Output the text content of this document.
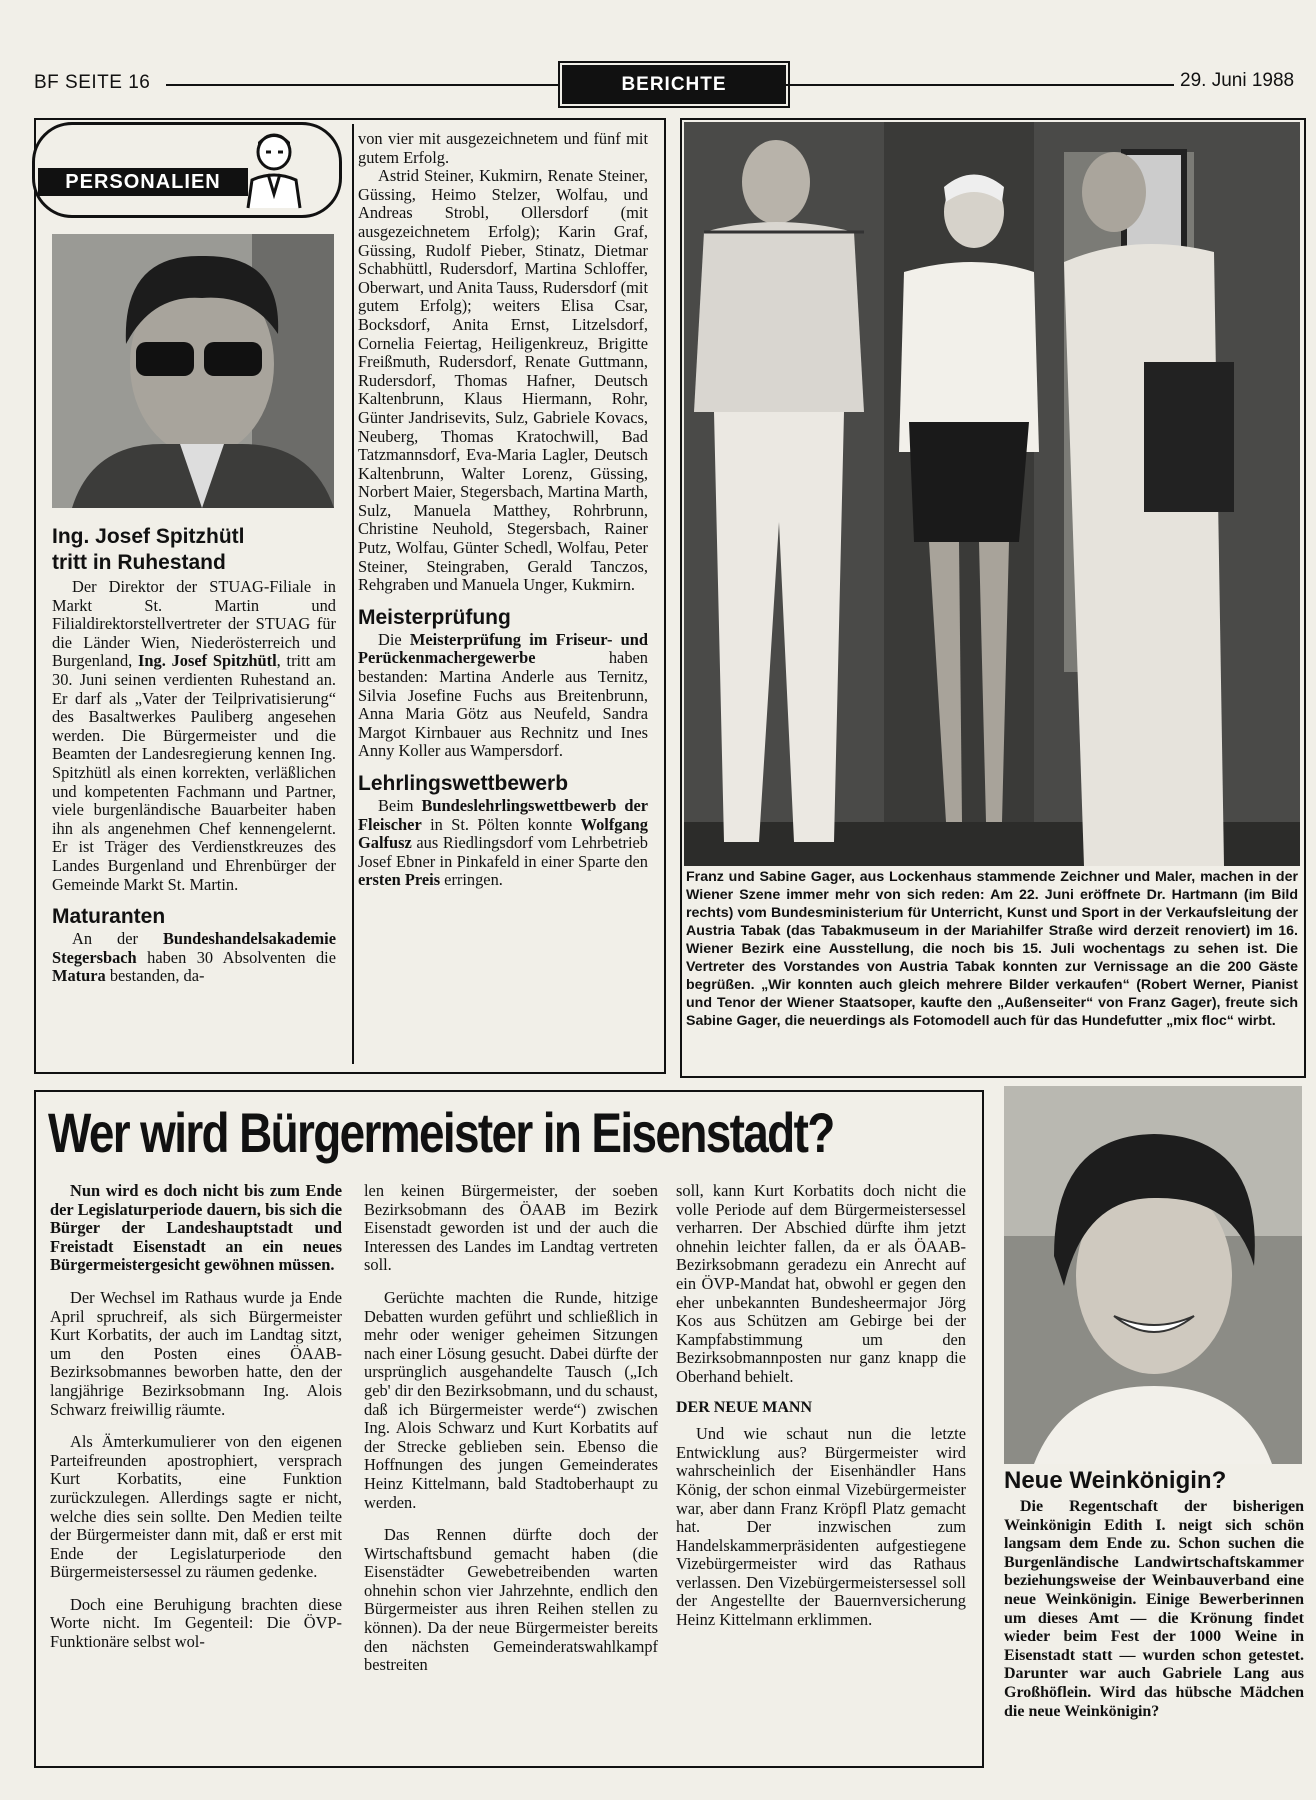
BF SEITE 16	BERICHTE	29. Juni 1988
PERSONALIEN
Ing. Josef Spitzhütl
tritt in Ruhestand

Der Direktor der STUAG-Filiale in Markt St. Martin und Filialdirektorstellvertreter der STUAG für die Länder Wien, Niederösterreich und Burgenland, Ing. Josef Spitzhütl, tritt am 30. Juni seinen verdienten Ruhestand an. Er darf als „Vater der Teilprivatisierung“ des Basaltwerkes Pauliberg angesehen werden. Die Bürgermeister und die Beamten der Landesregierung kennen Ing. Spitzhütl als einen korrekten, verläßlichen und kompetenten Fachmann und Partner, viele burgenländische Bauarbeiter haben ihn als angenehmen Chef kennengelernt. Er ist Träger des Verdienstkreuzes des Landes Burgenland und Ehrenbürger der Gemeinde Markt St. Martin.

Maturanten

An der Bundeshandelsakademie Stegersbach haben 30 Absolventen die Matura bestanden, da-

von vier mit ausgezeichnetem und fünf mit gutem Erfolg.

Astrid Steiner, Kukmirn, Renate Steiner, Güssing, Heimo Stelzer, Wolfau, und Andreas Strobl, Ollersdorf (mit ausgezeichnetem Erfolg); Karin Graf, Güssing, Rudolf Pieber, Stinatz, Dietmar Schabhüttl, Rudersdorf, Martina Schloffer, Oberwart, und Anita Tauss, Rudersdorf (mit gutem Erfolg); weiters Elisa Csar, Bocksdorf, Anita Ernst, Litzelsdorf, Cornelia Feiertag, Heiligenkreuz, Brigitte Freißmuth, Rudersdorf, Renate Guttmann, Rudersdorf, Thomas Hafner, Deutsch Kaltenbrunn, Klaus Hiermann, Rohr, Günter Jandrisevits, Sulz, Gabriele Kovacs, Neuberg, Thomas Kratochwill, Bad Tatzmannsdorf, Eva-Maria Lagler, Deutsch Kaltenbrunn, Walter Lorenz, Güssing, Norbert Maier, Stegersbach, Martina Marth, Sulz, Manuela Matthey, Rohrbrunn, Christine Neuhold, Stegersbach, Rainer Putz, Wolfau, Günter Schedl, Wolfau, Peter Steiner, Steingraben, Gerald Tanczos, Rehgraben und Manuela Unger, Kukmirn.

Meisterprüfung

Die Meisterprüfung im Friseur- und Perückenmachergewerbe haben bestanden: Martina Anderle aus Ternitz, Silvia Josefine Fuchs aus Breitenbrunn, Anna Maria Götz aus Neufeld, Sandra Margot Kirnbauer aus Rechnitz und Ines Anny Koller aus Wampersdorf.

Lehrlingswettbewerb

Beim Bundeslehrlingswettbewerb der Fleischer in St. Pölten konnte Wolfgang Galfusz aus Riedlingsdorf vom Lehrbetrieb Josef Ebner in Pinkafeld in einer Sparte den ersten Preis erringen.	Franz und Sabine Gager, aus Lockenhaus stammende Zeichner und Maler, machen in der Wiener Szene immer mehr von sich reden: Am 22. Juni eröffnete Dr. Hartmann (im Bild rechts) vom Bundesministerium für Unterricht, Kunst und Sport in der Verkaufsleitung der Austria Tabak (das Tabakmuseum in der Mariahilfer Straße wird derzeit renoviert) im 16. Wiener Bezirk eine Ausstellung, die noch bis 15. Juli wochentags zu sehen ist. Die Vertreter des Vorstandes von Austria Tabak konnten zur Vernissage an die 200 Gäste begrüßen. „Wir konnten auch gleich mehrere Bilder verkaufen“ (Robert Werner, Pianist und Tenor der Wiener Staatsoper, kaufte den „Außenseiter“ von Franz Gager), freute sich Sabine Gager, die neuerdings als Fotomodell auch für das Hundefutter „mix floc“ wirbt.

Wer wird Bürgermeister in Eisenstadt?

Nun wird es doch nicht bis zum Ende der Legislaturperiode dauern, bis sich die Bürger der Landeshauptstadt und Freistadt Eisenstadt an ein neues Bürgermeistergesicht gewöhnen müssen.

Der Wechsel im Rathaus wurde ja Ende April spruchreif, als sich Bürgermeister Kurt Korbatits, der auch im Landtag sitzt, um den Posten eines ÖAAB-Bezirksobmannes beworben hatte, den der langjährige Bezirksobmann Ing. Alois Schwarz freiwillig räumte.

Als Ämterkumulierer von den eigenen Parteifreunden apostrophiert, versprach Kurt Korbatits, eine Funktion zurückzulegen. Allerdings sagte er nicht, welche dies sein sollte. Den Medien teilte der Bürgermeister dann mit, daß er erst mit Ende der Legislaturperiode den Bürgermeistersessel zu räumen gedenke.

Doch eine Beruhigung brachten diese Worte nicht. Im Gegenteil: Die ÖVP-Funktionäre selbst wol-

len keinen Bürgermeister, der soeben Bezirksobmann des ÖAAB im Bezirk Eisenstadt geworden ist und der auch die Interessen des Landes im Landtag vertreten soll.

Gerüchte machten die Runde, hitzige Debatten wurden geführt und schließlich in mehr oder weniger geheimen Sitzungen nach einer Lösung gesucht. Dabei dürfte der ursprünglich ausgehandelte Tausch („Ich geb' dir den Bezirksobmann, und du schaust, daß ich Bürgermeister werde“) zwischen Ing. Alois Schwarz und Kurt Korbatits auf der Strecke geblieben sein. Ebenso die Hoffnungen des jungen Gemeinderates Heinz Kittelmann, bald Stadtoberhaupt zu werden.

Das Rennen dürfte doch der Wirtschaftsbund gemacht haben (die Eisenstädter Gewebetreibenden warten ohnehin schon vier Jahrzehnte, endlich den Bürgermeister aus ihren Reihen stellen zu können). Da der neue Bürgermeister bereits den nächsten Gemeinderatswahlkampf bestreiten

soll, kann Kurt Korbatits doch nicht die volle Periode auf dem Bürgermeistersessel verharren. Der Abschied dürfte ihm jetzt ohnehin leichter fallen, da er als ÖAAB-Bezirksobmann geradezu ein Anrecht auf ein ÖVP-Mandat hat, obwohl er gegen den eher unbekannten Bundesheermajor Jörg Kos aus Schützen am Gebirge bei der Kampfabstimmung um den Bezirksobmannposten nur ganz knapp die Oberhand behielt.

DER NEUE MANN

Und wie schaut nun die letzte Entwicklung aus? Bürgermeister wird wahrscheinlich der Eisenhändler Hans König, der schon einmal Vizebürgermeister war, aber dann Franz Kröpfl Platz gemacht hat. Der inzwischen zum Handelskammerpräsidenten aufgestiegene Vizebürgermeister wird das Rathaus verlassen. Den Vizebürgermeistersessel soll der Angestellte der Bauernversicherung Heinz Kittelmann erklimmen.

Neue Weinkönigin?

Die Regentschaft der bisherigen Weinkönigin Edith I. neigt sich schön langsam dem Ende zu. Schon suchen die Burgenländische Landwirtschaftskammer beziehungsweise der Weinbauverband eine neue Weinkönigin. Einige Bewerberinnen um dieses Amt — die Krönung findet wieder beim Fest der 1000 Weine in Eisenstadt statt — wurden schon getestet. Darunter war auch Gabriele Lang aus Großhöflein. Wird das hübsche Mädchen die neue Weinkönigin?
